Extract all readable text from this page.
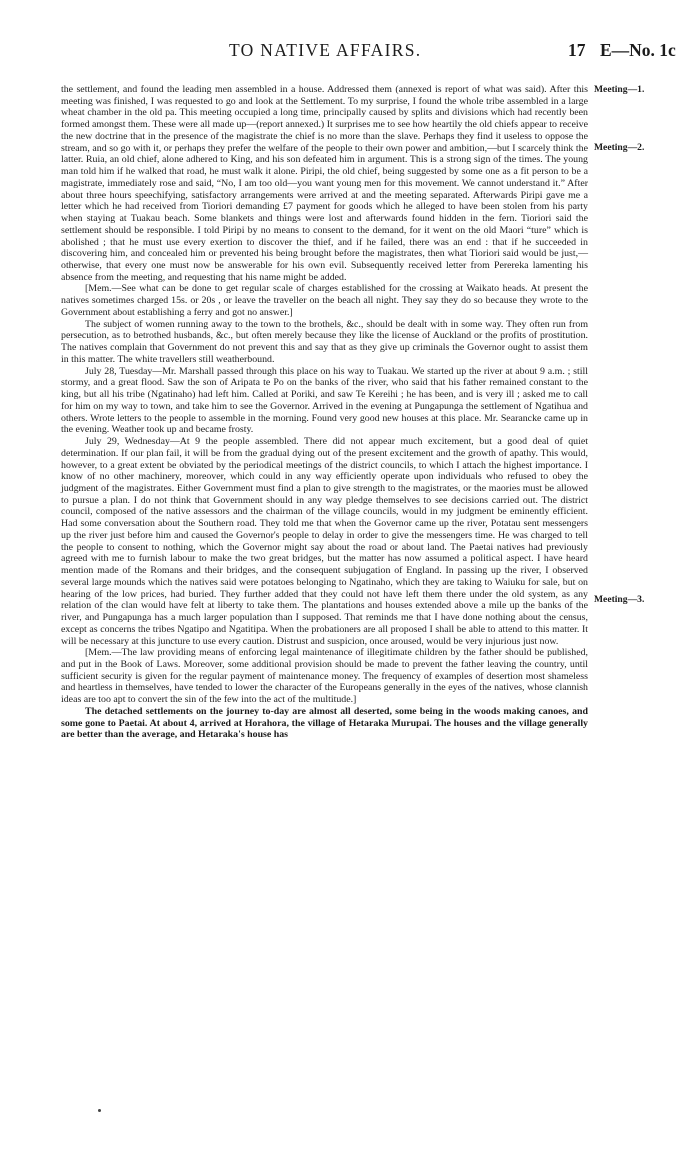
TO NATIVE AFFAIRS.	17 E—No. 1c
Meeting—1.
Meeting—2.
Meeting—3.

the settlement, and found the leading men assembled in a house. Addressed them (annexed is report of what was said). After this meeting was finished, I was requested to go and look at the Settlement. To my surprise, I found the whole tribe assembled in a large wheat chamber in the old pa. This meeting occupied a long time, principally caused by splits and divisions which had recently been formed amongst them. These were all made up—(report annexed.) It surprises me to see how heartily the old chiefs appear to receive the new doctrine that in the presence of the magistrate the chief is no more than the slave. Perhaps they find it useless to oppose the stream, and so go with it, or perhaps they prefer the welfare of the people to their own power and ambition,—but I scarcely think the latter. Ruia, an old chief, alone adhered to King, and his son defeated him in argument. This is a strong sign of the times. The young man told him if he walked that road, he must walk it alone. Piripi, the old chief, being suggested by some one as a fit person to be a magistrate, immediately rose and said, “No, I am too old—you want young men for this movement. We cannot understand it.” After about three hours speechifying, satisfactory arrangements were arrived at and the meeting separated. Afterwards Piripi gave me a letter which he had received from Tioriori demanding £7 payment for goods which he alleged to have been stolen from his party when staying at Tuakau beach. Some blankets and things were lost and afterwards found hidden in the fern. Tioriori said the settlement should be responsible. I told Piripi by no means to consent to the demand, for it went on the old Maori “ture” which is abolished ; that he must use every exertion to discover the thief, and if he failed, there was an end : that if he succeeded in discovering him, and concealed him or prevented his being brought before the magistrates, then what Tioriori said would be just,—otherwise, that every one must now be answerable for his own evil. Subsequently received letter from Perereka lamenting his absence from the meeting, and requesting that his name might be added.

[Mem.—See what can be done to get regular scale of charges established for the crossing at Waikato heads. At present the natives sometimes charged 15s. or 20s , or leave the traveller on the beach all night. They say they do so because they wrote to the Government about establishing a ferry and got no answer.]

The subject of women running away to the town to the brothels, &c., should be dealt with in some way. They often run from persecution, as to betrothed husbands, &c., but often merely because they like the license of Auckland or the profits of prostitution. The natives complain that Government do not prevent this and say that as they give up criminals the Governor ought to assist them in this matter. The white travellers still weatherbound.

July 28, Tuesday—Mr. Marshall passed through this place on his way to Tuakau. We started up the river at about 9 a.m. ; still stormy, and a great flood. Saw the son of Aripata te Po on the banks of the river, who said that his father remained constant to the king, but all his tribe (Ngatinaho) had left him. Called at Poriki, and saw Te Kereihi ; he has been, and is very ill ; asked me to call for him on my way to town, and take him to see the Governor. Arrived in the evening at Pungapunga the settlement of Ngatihua and others. Wrote letters to the people to assemble in the morning. Found very good new houses at this place. Mr. Searancke came up in the evening. Weather took up and became frosty.

July 29, Wednesday—At 9 the people assembled. There did not appear much excitement, but a good deal of quiet determination. If our plan fail, it will be from the gradual dying out of the present excitement and the growth of apathy. This would, however, to a great extent be obviated by the periodical meetings of the district councils, to which I attach the highest importance. I know of no other machinery, moreover, which could in any way efficiently operate upon individuals who refused to obey the judgment of the magistrates. Either Government must find a plan to give strength to the magistrates, or the maories must be allowed to pursue a plan. I do not think that Government should in any way pledge themselves to see decisions carried out. The district council, composed of the native assessors and the chairman of the village councils, would in my judgment be eminently efficient. Had some conversation about the Southern road. They told me that when the Governor came up the river, Potatau sent messengers up the river just before him and caused the Governor's people to delay in order to give the messengers time. He was charged to tell the people to consent to nothing, which the Governor might say about the road or about land. The Paetai natives had previously agreed with me to furnish labour to make the two great bridges, but the matter has now assumed a political aspect. I have heard mention made of the Romans and their bridges, and the consequent subjugation of England. In passing up the river, I observed several large mounds which the natives said were potatoes belonging to Ngatinaho, which they are taking to Waiuku for sale, but on hearing of the low prices, had buried. They further added that they could not have left them there under the old system, as any relation of the clan would have felt at liberty to take them. The plantations and houses extended above a mile up the banks of the river, and Pungapunga has a much larger population than I supposed. That reminds me that I have done nothing about the census, except as concerns the tribes Ngatipo and Ngatitipa. When the probationers are all proposed I shall be able to attend to this matter. It will be necessary at this juncture to use every caution. Distrust and suspicion, once aroused, would be very injurious just now.

[Mem.—The law providing means of enforcing legal maintenance of illegitimate children by the father should be published, and put in the Book of Laws. Moreover, some additional provision should be made to prevent the father leaving the country, until sufficient security is given for the regular payment of maintenance money. The frequency of examples of desertion most shameless and heartless in themselves, have tended to lower the character of the Europeans generally in the eyes of the natives, whose clannish ideas are too apt to convert the sin of the few into the act of the multitude.]

The detached settlements on the journey to-day are almost all deserted, some being in the woods making canoes, and some gone to Paetai. At about 4, arrived at Horahora, the village of Hetaraka Murupai. The houses and the village generally are better than the average, and Hetaraka's house has
